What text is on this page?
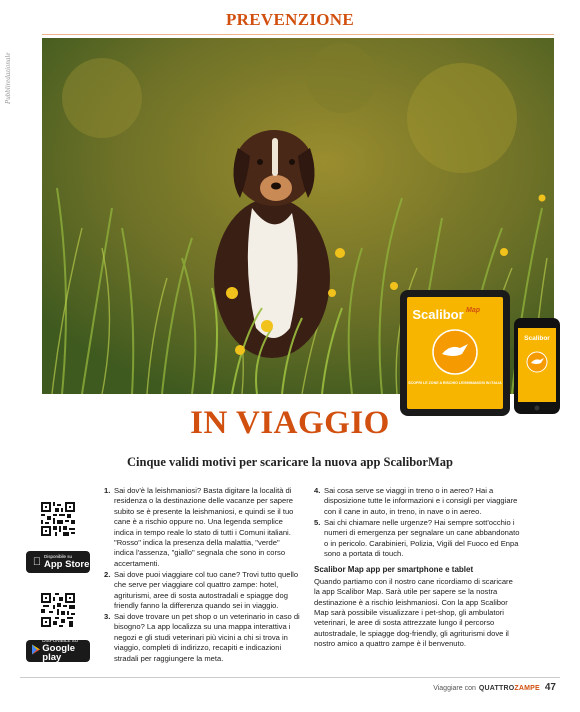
PREVENZIONE
Pubbliredazionale
Scalibor Map
SCOPRI LE ZONE A RISCHIO LEISHMANIOSI IN ITALIA
Scalibor
IN VIAGGIO
Cinque validi motivi per scaricare la nuova app ScaliborMap
Disponibile su
App Store
DISPONIBILE SU
Google play
1. Sai dov'è la leishmaniosi? Basta digitare la località di residenza o la destinazione delle vacanze per sapere subito se è presente la leishmaniosi, e quindi se il tuo cane è a rischio oppure no. Una legenda semplice indica in tempo reale lo stato di tutti i Comuni italiani. "Rosso" indica la presenza della malattia, "verde" indica l'assenza, "giallo" segnala che sono in corso accertamenti.
2. Sai dove puoi viaggiare col tuo cane? Trovi tutto quello che serve per viaggiare col quattro zampe: hotel, agriturismi, aree di sosta autostradali e spiagge dog friendly fanno la differenza quando sei in viaggio.
3. Sai dove trovare un pet shop o un veterinario in caso di bisogno? La app localizza su una mappa interattiva i negozi e gli studi veterinari più vicini a chi si trova in viaggio, completi di indirizzo, recapiti e indicazioni stradali per raggiungere la meta.
4. Sai cosa serve se viaggi in treno o in aereo? Hai a disposizione tutte le informazioni e i consigli per viaggiare con il cane in auto, in treno, in nave o in aereo.
5. Sai chi chiamare nelle urgenze? Hai sempre sott'occhio i numeri di emergenza per segnalare un cane abbandonato o in pericolo. Carabinieri, Polizia, Vigili del Fuoco ed Enpa sono a portata di touch.
Scalibor Map app per smartphone e tablet
Quando partiamo con il nostro cane ricordiamo di scaricare la app Scalibor Map. Sarà utile per sapere se la nostra destinazione è a rischio leishmaniosi. Con la app Scalibor Map sarà possibile visualizzare i pet-shop, gli ambulatori veterinari, le aree di sosta attrezzate lungo il percorso autostradale, le spiagge dog-friendly, gli agriturismi dove il nostro amico a quattro zampe è il benvenuto.
Viaggiare con QUATTROZAMPE 47
